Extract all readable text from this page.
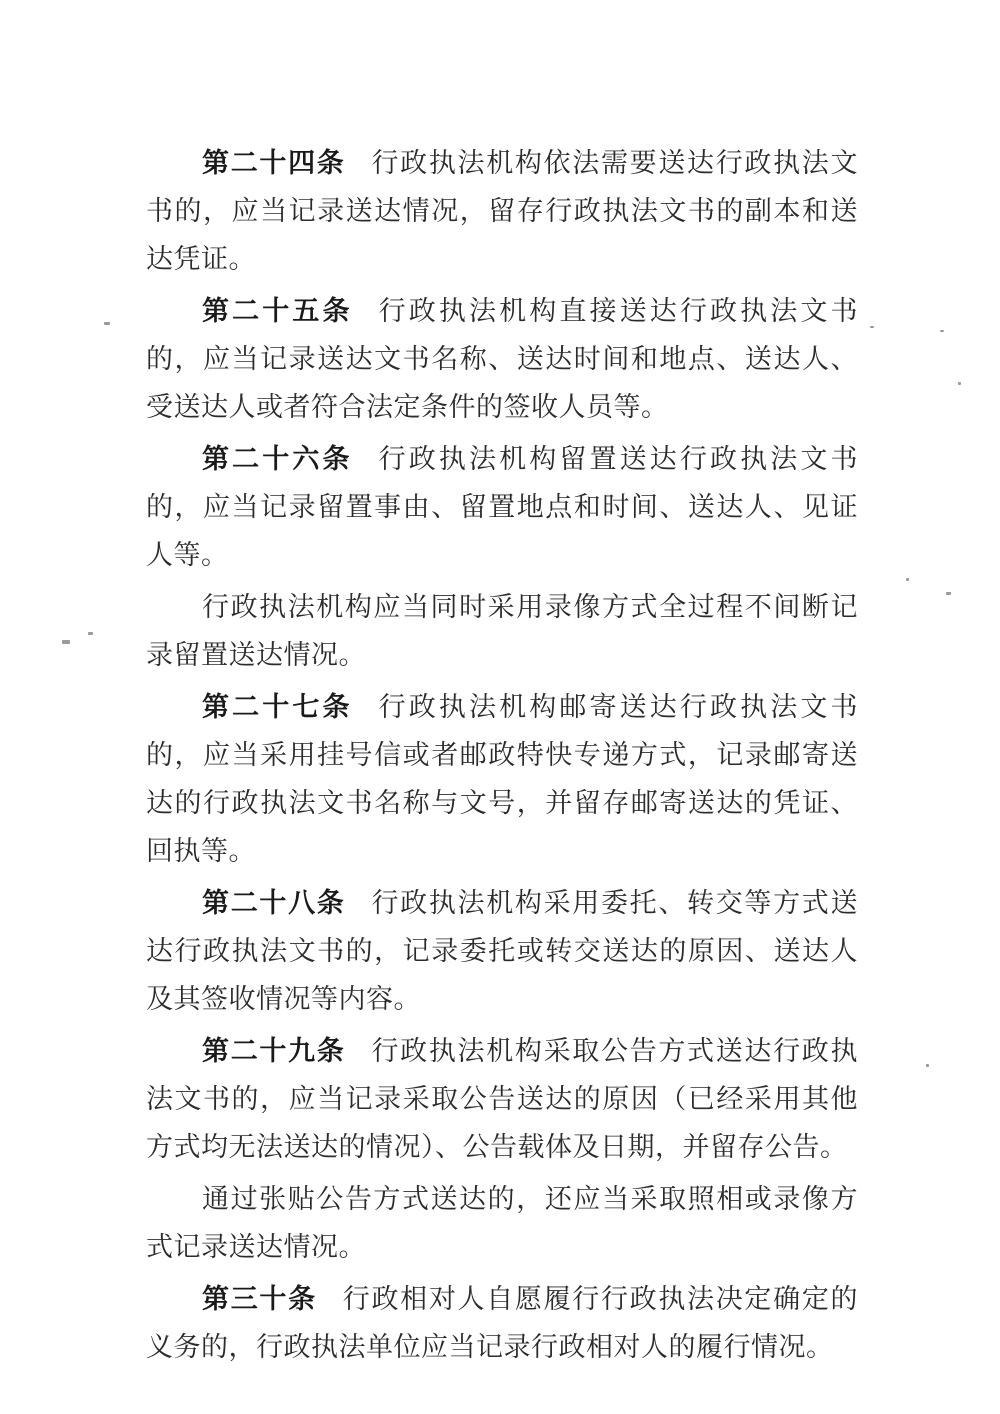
第二十四条 行政执法机构依法需要送达行政执法文书的，应当记录送达情况，留存行政执法文书的副本和送达凭证。

第二十五条 行政执法机构直接送达行政执法文书的，应当记录送达文书名称、送达时间和地点、送达人、受送达人或者符合法定条件的签收人员等。

第二十六条 行政执法机构留置送达行政执法文书的，应当记录留置事由、留置地点和时间、送达人、见证人等。

行政执法机构应当同时采用录像方式全过程不间断记录留置送达情况。

第二十七条 行政执法机构邮寄送达行政执法文书的，应当采用挂号信或者邮政特快专递方式，记录邮寄送达的行政执法文书名称与文号，并留存邮寄送达的凭证、回执等。

第二十八条 行政执法机构采用委托、转交等方式送达行政执法文书的，记录委托或转交送达的原因、送达人及其签收情况等内容。

第二十九条 行政执法机构采取公告方式送达行政执法文书的，应当记录采取公告送达的原因（已经采用其他方式均无法送达的情况）、公告载体及日期，并留存公告。

通过张贴公告方式送达的，还应当采取照相或录像方式记录送达情况。

第三十条 行政相对人自愿履行行政执法决定确定的义务的，行政执法单位应当记录行政相对人的履行情况。
